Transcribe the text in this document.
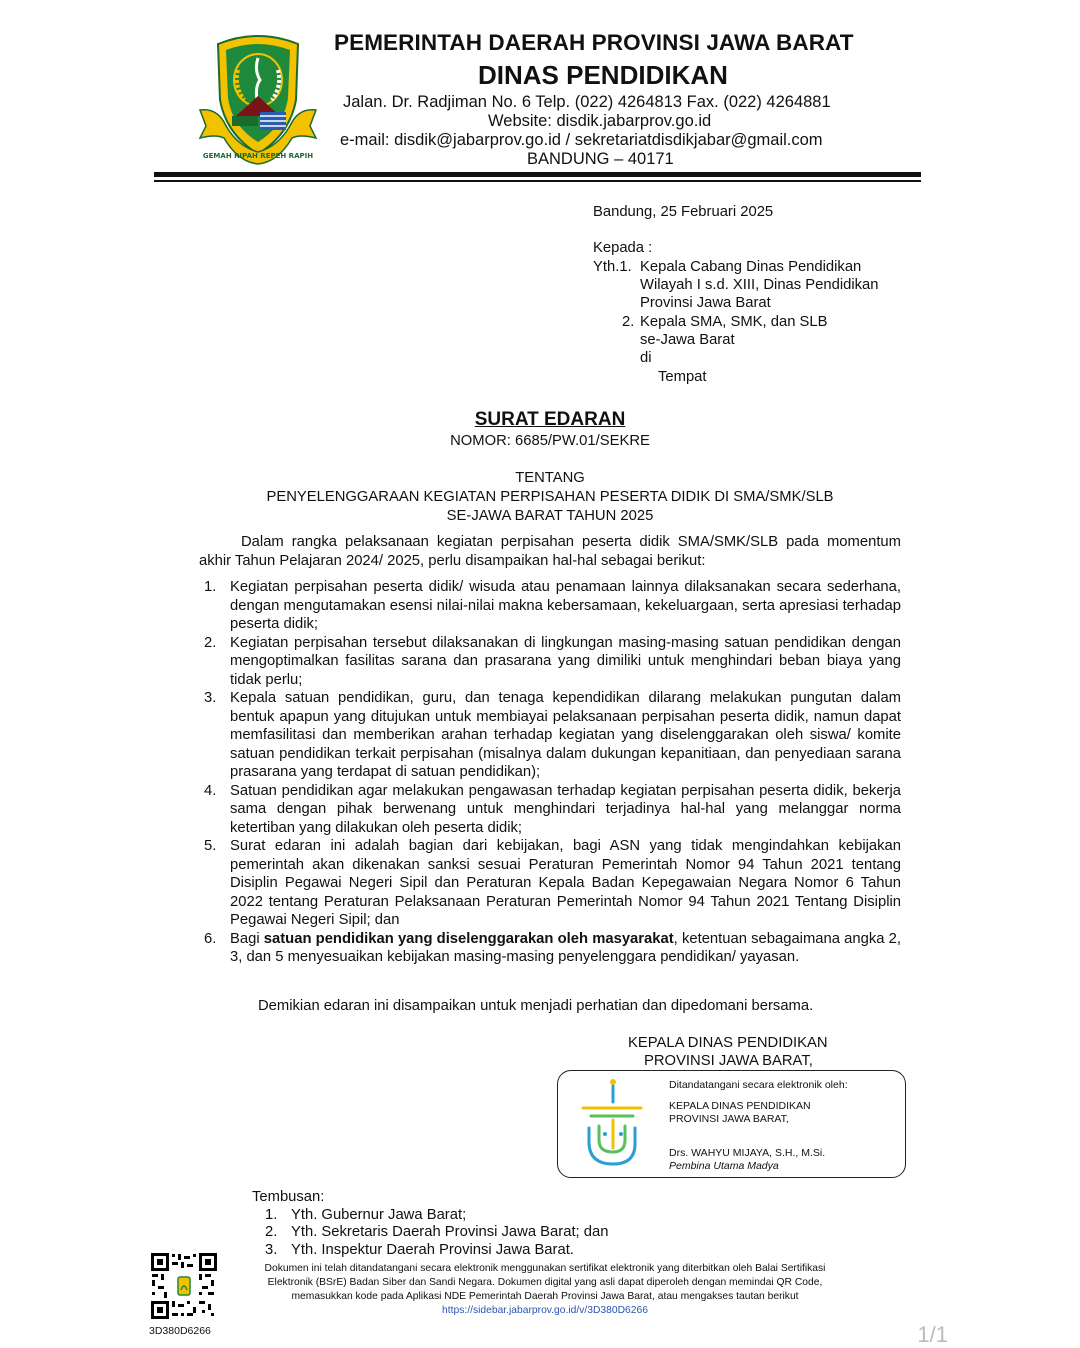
GEMAH RIPAH REPEH RAPIH
PEMERINTAH DAERAH PROVINSI JAWA BARAT
DINAS PENDIDIKAN
Jalan. Dr. Radjiman No. 6 Telp. (022) 4264813 Fax. (022) 4264881
Website: disdik.jabarprov.go.id
e-mail: disdik@jabarprov.go.id / sekretariatdisdikjabar@gmail.com
BANDUNG – 40171
Bandung, 25 Februari 2025
Kepada :
Yth.1. Kepala Cabang Dinas Pendidikan
Wilayah I s.d. XIII, Dinas Pendidikan
Provinsi Jawa Barat
2. Kepala SMA, SMK, dan SLB
se-Jawa Barat
di
Tempat
SURAT EDARAN
NOMOR: 6685/PW.01/SEKRE
TENTANG
PENYELENGGARAAN KEGIATAN PERPISAHAN PESERTA DIDIK DI SMA/SMK/SLB
SE-JAWA BARAT TAHUN 2025
Dalam rangka pelaksanaan kegiatan perpisahan peserta didik SMA/SMK/SLB pada momentum akhir Tahun Pelajaran 2024/ 2025, perlu disampaikan hal-hal sebagai berikut:
1. Kegiatan perpisahan peserta didik/ wisuda atau penamaan lainnya dilaksanakan secara sederhana, dengan mengutamakan esensi nilai-nilai makna kebersamaan, kekeluargaan, serta apresiasi terhadap peserta didik;
2. Kegiatan perpisahan tersebut dilaksanakan di lingkungan masing-masing satuan pendidikan dengan mengoptimalkan fasilitas sarana dan prasarana yang dimiliki untuk menghindari beban biaya yang tidak perlu;
3. Kepala satuan pendidikan, guru, dan tenaga kependidikan dilarang melakukan pungutan dalam bentuk apapun yang ditujukan untuk membiayai pelaksanaan perpisahan peserta didik, namun dapat memfasilitasi dan memberikan arahan terhadap kegiatan yang diselenggarakan oleh siswa/ komite satuan pendidikan terkait perpisahan (misalnya dalam dukungan kepanitiaan, dan penyediaan sarana prasarana yang terdapat di satuan pendidikan);
4. Satuan pendidikan agar melakukan pengawasan terhadap kegiatan perpisahan peserta didik, bekerja sama dengan pihak berwenang untuk menghindari terjadinya hal-hal yang melanggar norma ketertiban yang dilakukan oleh peserta didik;
5. Surat edaran ini adalah bagian dari kebijakan, bagi ASN yang tidak mengindahkan kebijakan pemerintah akan dikenakan sanksi sesuai Peraturan Pemerintah Nomor 94 Tahun 2021 tentang Disiplin Pegawai Negeri Sipil dan Peraturan Kepala Badan Kepegawaian Negara Nomor 6 Tahun 2022 tentang Peraturan Pelaksanaan Peraturan Pemerintah Nomor 94 Tahun 2021 Tentang Disiplin Pegawai Negeri Sipil; dan
6. Bagi satuan pendidikan yang diselenggarakan oleh masyarakat, ketentuan sebagaimana angka 2, 3, dan 5 menyesuaikan kebijakan masing-masing penyelenggara pendidikan/ yayasan.
Demikian edaran ini disampaikan untuk menjadi perhatian dan dipedomani bersama.
KEPALA DINAS PENDIDIKAN
PROVINSI JAWA BARAT,
Ditandatangani secara elektronik oleh:
KEPALA DINAS PENDIDIKAN
PROVINSI JAWA BARAT,
Drs. WAHYU MIJAYA, S.H., M.Si.
Pembina Utama Madya
Tembusan:
1. Yth. Gubernur Jawa Barat;
2. Yth. Sekretaris Daerah Provinsi Jawa Barat; dan
3. Yth. Inspektur Daerah Provinsi Jawa Barat.
3D380D6266
Dokumen ini telah ditandatangani secara elektronik menggunakan sertifikat elektronik yang diterbitkan oleh Balai Sertifikasi
Elektronik (BSrE) Badan Siber dan Sandi Negara. Dokumen digital yang asli dapat diperoleh dengan memindai QR Code,
memasukkan kode pada Aplikasi NDE Pemerintah Daerah Provinsi Jawa Barat, atau mengakses tautan berikut
https://sidebar.jabarprov.go.id/v/3D380D6266
1/1
